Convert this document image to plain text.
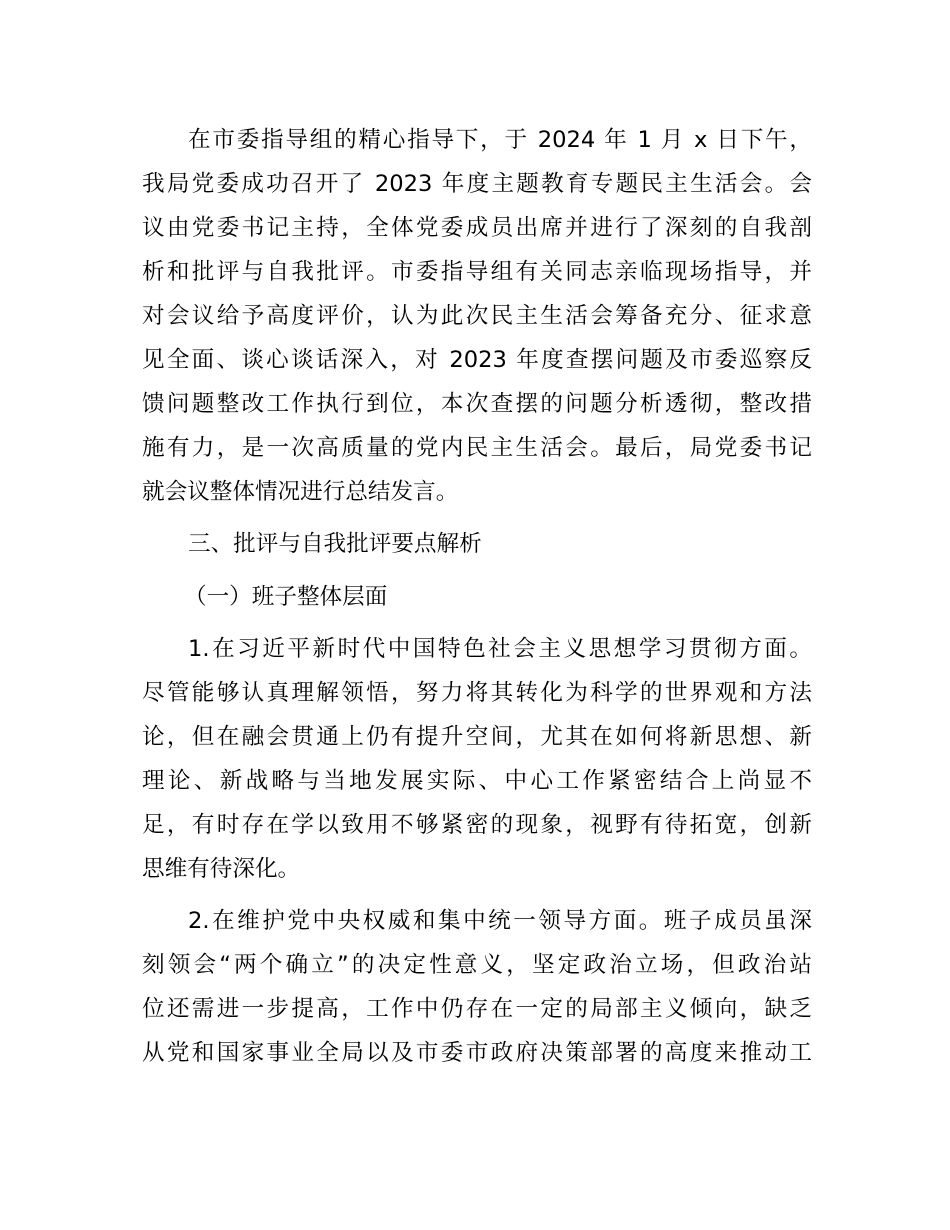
在市委指导组的精心指导下，于 2024 年 1 月 x 日下午，
我局党委成功召开了 2023 年度主题教育专题民主生活会。会
议由党委书记主持，全体党委成员出席并进行了深刻的自我剖
析和批评与自我批评。市委指导组有关同志亲临现场指导，并
对会议给予高度评价，认为此次民主生活会筹备充分、征求意
见全面、谈心谈话深入，对 2023 年度查摆问题及市委巡察反
馈问题整改工作执行到位，本次查摆的问题分析透彻，整改措
施有力，是一次高质量的党内民主生活会。最后，局党委书记
就会议整体情况进行总结发言。
三、批评与自我批评要点解析
（一）班子整体层面
1.在习近平新时代中国特色社会主义思想学习贯彻方面。
尽管能够认真理解领悟，努力将其转化为科学的世界观和方法
论，但在融会贯通上仍有提升空间，尤其在如何将新思想、新
理论、新战略与当地发展实际、中心工作紧密结合上尚显不
足，有时存在学以致用不够紧密的现象，视野有待拓宽，创新
思维有待深化。
2.在维护党中央权威和集中统一领导方面。班子成员虽深
刻领会“两个确立”的决定性意义，坚定政治立场，但政治站
位还需进一步提高，工作中仍存在一定的局部主义倾向，缺乏
从党和国家事业全局以及市委市政府决策部署的高度来推动工
